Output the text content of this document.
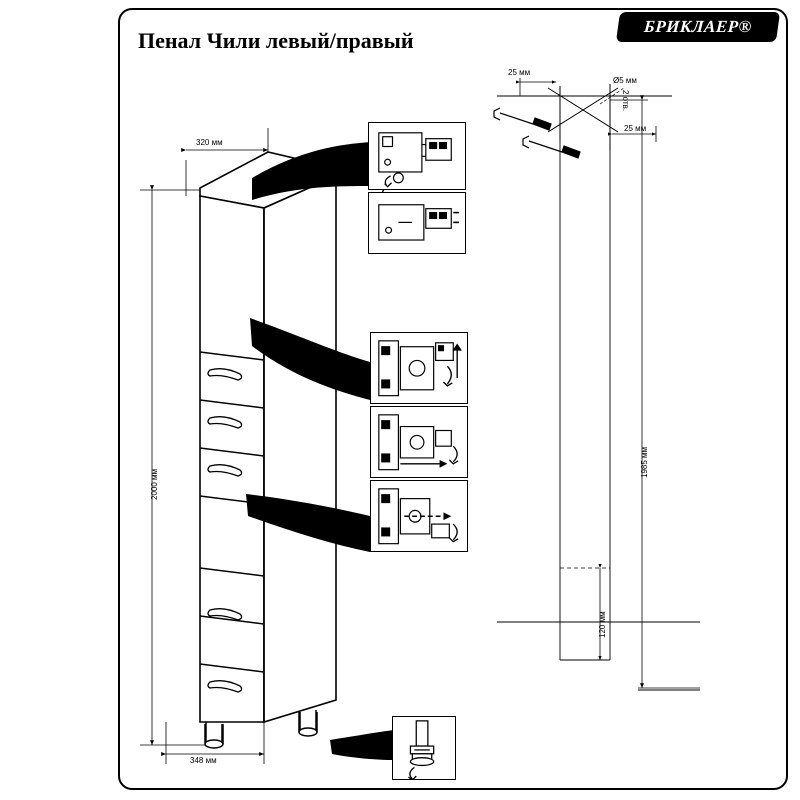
Пенал Чили левый/правый
БРИКЛАЕР®
320 мм
2000 мм
348 мм
25 мм
25 мм
Ø5 мм
2 отв.
1985 мм
120 мм
